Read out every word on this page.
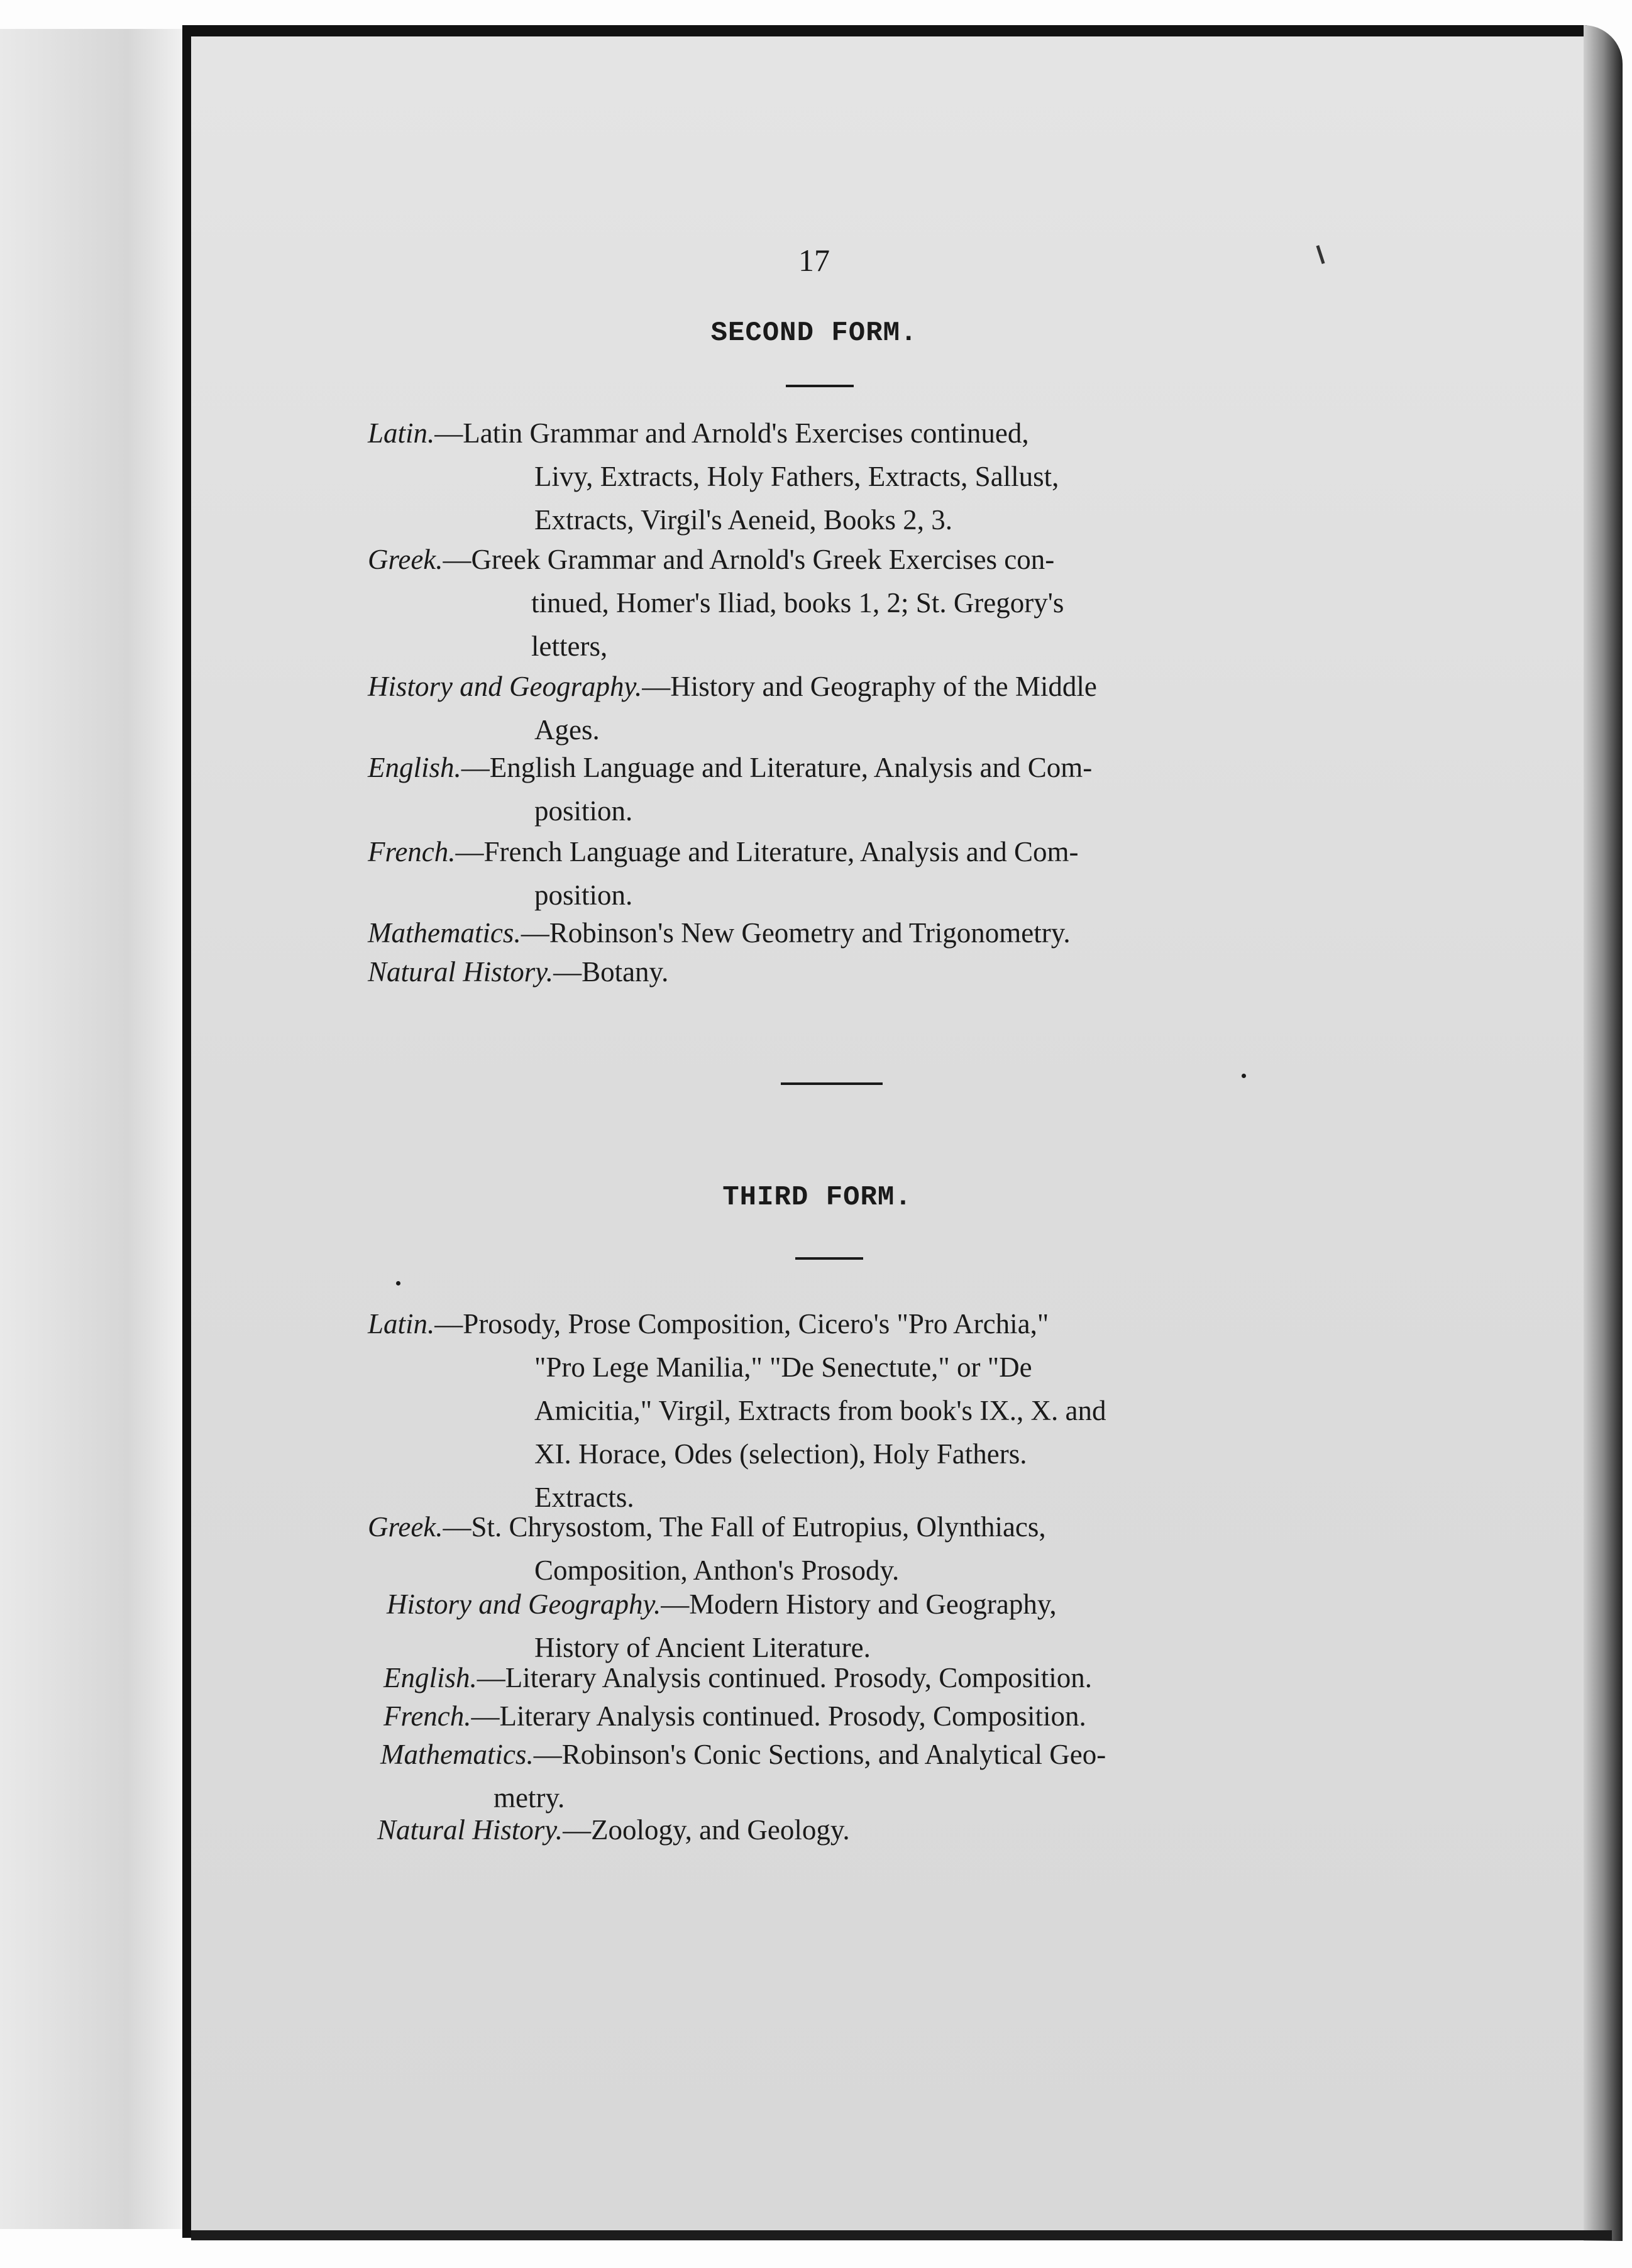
17
SECOND FORM.

Latin.—Latin Grammar and Arnold's Exercises continued,

Livy, Extracts, Holy Fathers, Extracts, Sallust,

Extracts, Virgil's Aeneid, Books 2, 3.

Greek.—Greek Grammar and Arnold's Greek Exercises con-

tinued, Homer's Iliad, books 1, 2; St. Gregory's

letters,

History and Geography.—History and Geography of the Middle

Ages.

English.—English Language and Literature, Analysis and Com-

position.

French.—French Language and Literature, Analysis and Com-

position.

Mathematics.—Robinson's New Geometry and Trigonometry.

Natural History.—Botany.

THIRD FORM.

Latin.—Prosody, Prose Composition, Cicero's "Pro Archia,"

"Pro Lege Manilia," "De Senectute," or "De

Amicitia," Virgil, Extracts from book's IX., X. and

XI. Horace, Odes (selection), Holy Fathers.

Extracts.

Greek.—St. Chrysostom, The Fall of Eutropius, Olynthiacs,

Composition, Anthon's Prosody.

History and Geography.—Modern History and Geography,

History of Ancient Literature.

English.—Literary Analysis continued. Prosody, Composition.

French.—Literary Analysis continued. Prosody, Composition.

Mathematics.—Robinson's Conic Sections, and Analytical Geo-

metry.

Natural History.—Zoology, and Geology.
